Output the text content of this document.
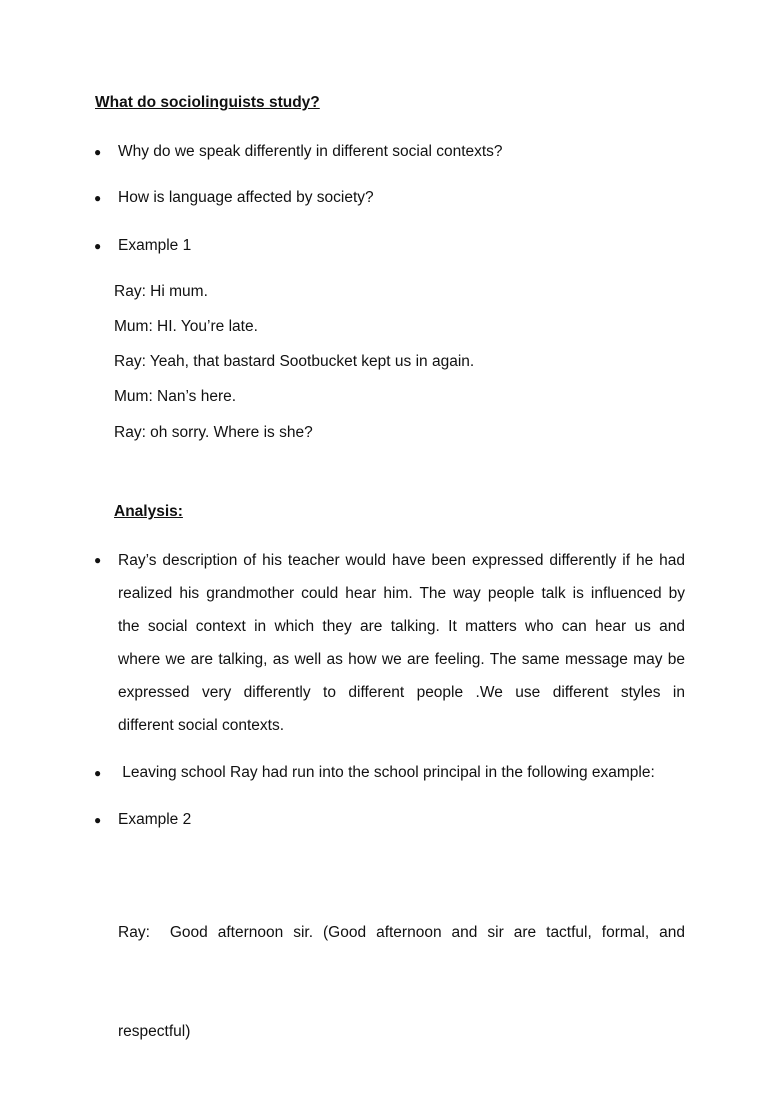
What do sociolinguists study?
● Why do we speak differently in different social contexts?
● How is language affected by society?
● Example 1
Ray: Hi mum.
Mum: HI. You’re late.
Ray: Yeah, that bastard Sootbucket kept us in again.
Mum: Nan’s here.
Ray: oh sorry. Where is she?
Analysis:
● Ray’s description of his teacher would have been expressed differently if he had
realized his grandmother could hear him. The way people talk is influenced by
the social context in which they are talking. It matters who can hear us and
where we are talking, as well as how we are feeling. The same message may be
expressed very differently to different people .We use different styles in
different social contexts.
● Leaving school Ray had run into the school principal in the following example:
● Example 2

Ray:  Good afternoon sir. (Good afternoon and sir are tactful, formal, and

respectful)
